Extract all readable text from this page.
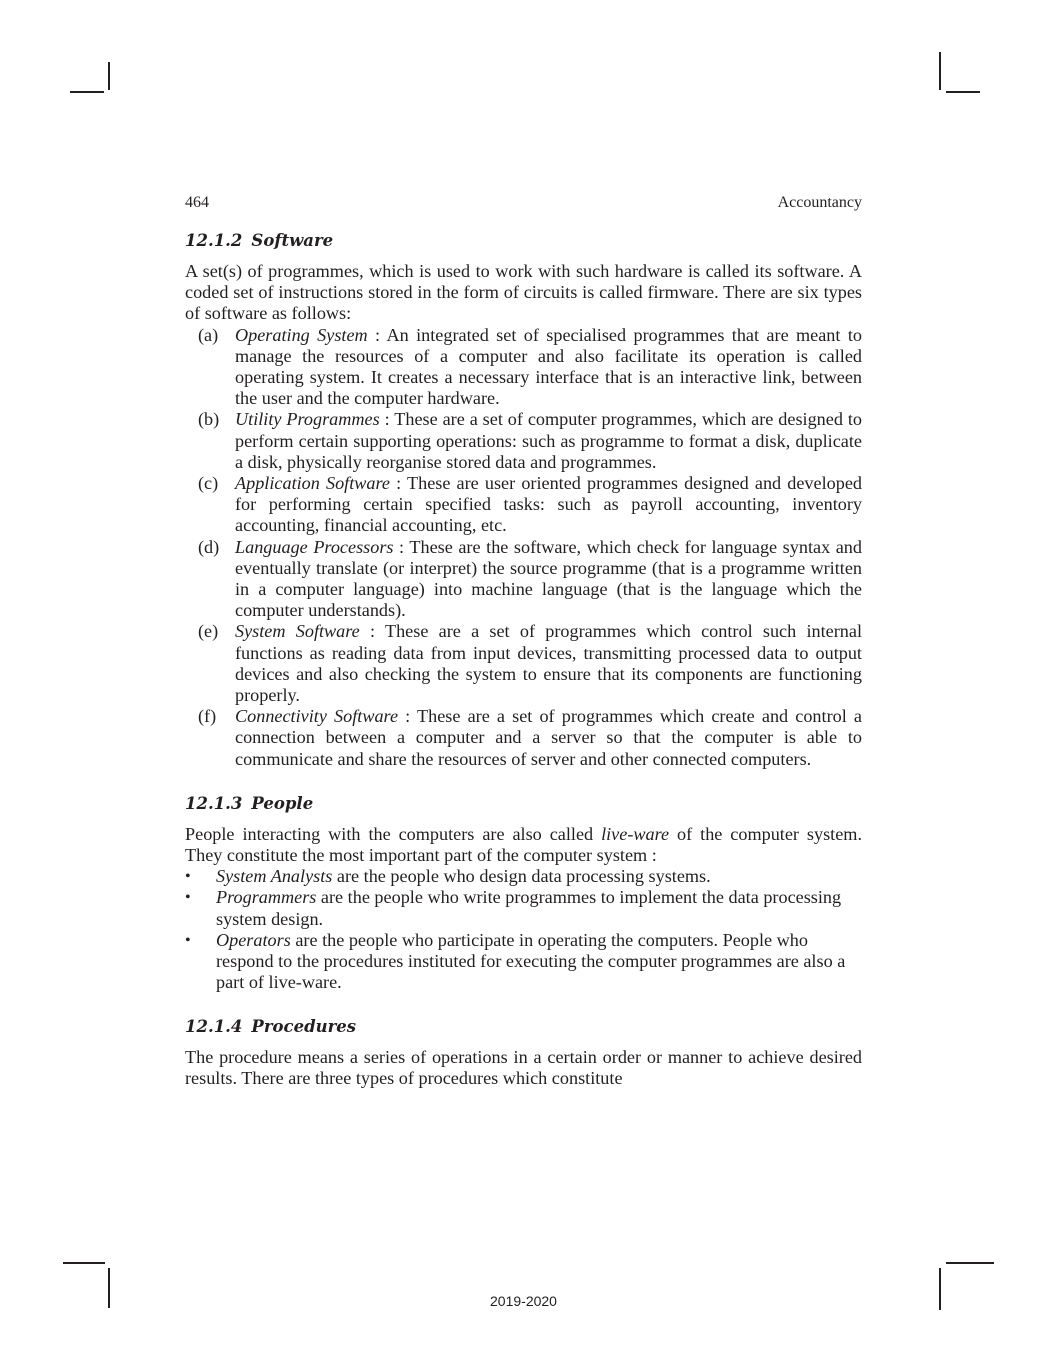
464	Accountancy
12.1.2 Software

A set(s) of programmes, which is used to work with such hardware is called its software. A coded set of instructions stored in the form of circuits is called firmware. There are six types of software as follows:

(a) Operating System : An integrated set of specialised programmes that are meant to manage the resources of a computer and also facilitate its operation is called operating system. It creates a necessary interface that is an interactive link, between the user and the computer hardware.
(b) Utility Programmes : These are a set of computer programmes, which are designed to perform certain supporting operations: such as programme to format a disk, duplicate a disk, physically reorganise stored data and programmes.
(c) Application Software : These are user oriented programmes designed and developed for performing certain specified tasks: such as payroll accounting, inventory accounting, financial accounting, etc.
(d) Language Processors : These are the software, which check for language syntax and eventually translate (or interpret) the source programme (that is a programme written in a computer language) into machine language (that is the language which the computer understands).
(e) System Software : These are a set of programmes which control such internal functions as reading data from input devices, transmitting processed data to output devices and also checking the system to ensure that its components are functioning properly.
(f)	Connectivity Software : These are a set of programmes which create and control a connection between a computer and a server so that the computer is able to communicate and share the resources of server and other connected computers.
12.1.3 People

People interacting with the computers are also called live-ware of the computer system. They constitute the most important part of the computer system :

•	System Analysts are the people who design data processing systems.
•	Programmers are the people who write programmes to implement the data processing system design.
•	Operators are the people who participate in operating the computers. People who respond to the procedures instituted for executing the computer programmes are also a part of live-ware.
12.1.4 Procedures

The procedure means a series of operations in a certain order or manner to achieve desired results. There are three types of procedures which constitute

2019-2020
